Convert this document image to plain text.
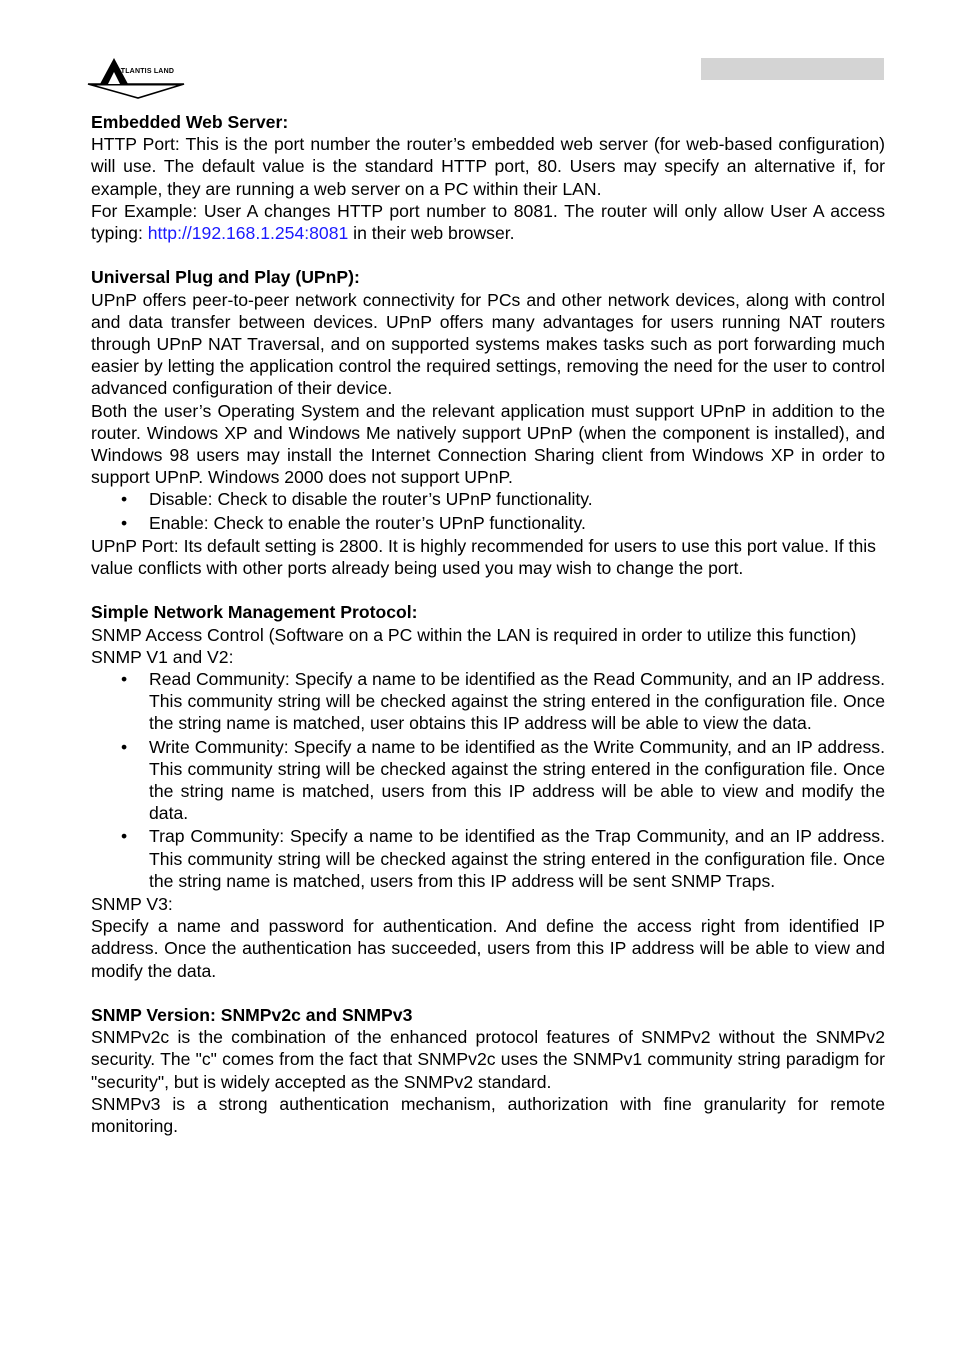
ATLANTIS LAND

Embedded Web Server:

HTTP Port: This is the port number the router’s embedded web server (for web-based configuration) will use. The default value is the standard HTTP port, 80. Users may specify an alternative if, for example, they are running a web server on a PC within their LAN.

For Example: User A changes HTTP port number to 8081. The router will only allow User A access typing: http://192.168.1.254:8081 in their web browser.

Universal Plug and Play (UPnP):

UPnP offers peer-to-peer network connectivity for PCs and other network devices, along with control and data transfer between devices. UPnP offers many advantages for users running NAT routers through UPnP NAT Traversal, and on supported systems makes tasks such as port forwarding much easier by letting the application control the required settings, removing the need for the user to control advanced configuration of their device.

Both the user’s Operating System and the relevant application must support UPnP in addition to the router. Windows XP and Windows Me natively support UPnP (when the component is installed), and Windows 98 users may install the Internet Connection Sharing client from Windows XP in order to support UPnP. Windows 2000 does not support UPnP.

• Disable: Check to disable the router’s UPnP functionality.
• Enable: Check to enable the router’s UPnP functionality.

UPnP Port: Its default setting is 2800. It is highly recommended for users to use this port value. If this value conflicts with other ports already being used you may wish to change the port.

Simple Network Management Protocol:

SNMP Access Control (Software on a PC within the LAN is required in order to utilize this function)

SNMP V1 and V2:

• Read Community: Specify a name to be identified as the Read Community, and an IP address. This community string will be checked against the string entered in the configuration file. Once the string name is matched, user obtains this IP address will be able to view the data.
• Write Community: Specify a name to be identified as the Write Community, and an IP address. This community string will be checked against the string entered in the configuration file. Once the string name is matched, users from this IP address will be able to view and modify the data.
• Trap Community: Specify a name to be identified as the Trap Community, and an IP address. This community string will be checked against the string entered in the configuration file. Once the string name is matched, users from this IP address will be sent SNMP Traps.

SNMP V3:

Specify a name and password for authentication. And define the access right from identified IP address. Once the authentication has succeeded, users from this IP address will be able to view and modify the data.

SNMP Version: SNMPv2c and SNMPv3

SNMPv2c is the combination of the enhanced protocol features of SNMPv2 without the SNMPv2 security. The "c" comes from the fact that SNMPv2c uses the SNMPv1 community string paradigm for "security", but is widely accepted as the SNMPv2 standard.

SNMPv3 is a strong authentication mechanism, authorization with fine granularity for remote monitoring.
